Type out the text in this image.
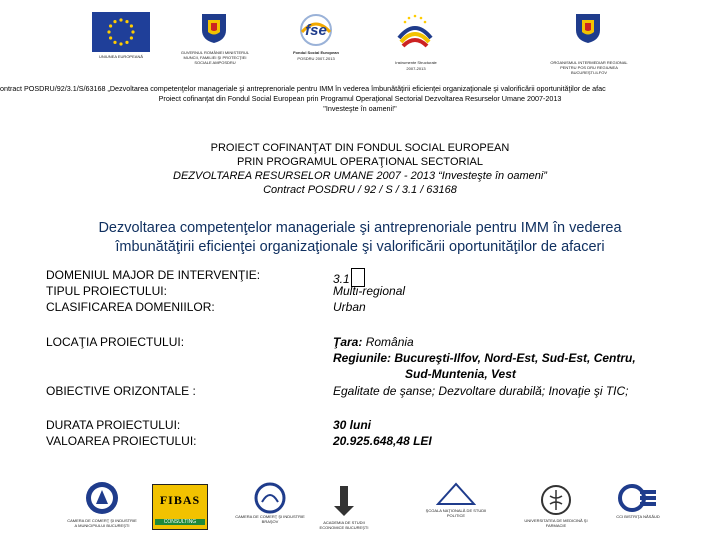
UNIUNEA EUROPEANĂ
GUVERNUL ROMÂNIEI MINISTERUL MUNCII, FAMILIEI ŞI PROTECŢIEI SOCIALE AMPOSDRU
fse
Fondul Social European
POSDRU 2007-2013
Instrumente Structurale
2007-2013
ORGANISMUL INTERMEDIAR REGIONAL PENTRU POS DRU REGIUNEA BUCUREŞTI-ILFOV
ontract POSDRU/92/3.1/S/63168 „Dezvoltarea competenţelor manageriale şi antreprenoriale pentru IMM în vederea îmbunătăţirii eficienţei organizaţionale şi valorificării oportunităţilor de afac
Proiect cofinanţat din Fondul Social European prin Programul Operaţional Sectorial Dezvoltarea Resurselor Umane 2007-2013
"Investeşte în oameni!"
PROIECT COFINANŢAT DIN FONDUL SOCIAL EUROPEAN
PRIN PROGRAMUL OPERAŢIONAL SECTORIAL
DEZVOLTAREA RESURSELOR UMANE 2007 - 2013 “Investeşte în oameni”
Contract POSDRU / 92 / S / 3.1 / 63168
Dezvoltarea competenţelor manageriale şi antreprenoriale pentru IMM în vederea
îmbunătăţirii eficienţei organizaţionale şi valorificării oportunităţilor de afaceri
DOMENIUL MAJOR DE INTERVENŢIE:	3.1
TIPUL PROIECTULUI:	Multi-regional
CLASIFICAREA DOMENIILOR:	Urban
LOCAŢIA PROIECTULUI:	Ţara: România
Regiunile: Bucureşti-Ilfov, Nord-Est, Sud-Est, Centru,
Sud-Muntenia, Vest
OBIECTIVE ORIZONTALE :	Egalitate de şanse; Dezvoltare durabilă; Inovaţie şi TIC;
DURATA PROIECTULUI:	30 luni
VALOAREA PROIECTULUI:	20.925.648,48 LEI
CAMERA DE COMERŢ ŞI INDUSTRIE A MUNICIPIULUI BUCUREŞTI
FIBAS
CONSULTING
CAMERA DE COMERŢ ŞI INDUSTRIE BRAŞOV	ACADEMIA DE STUDII ECONOMICE BUCUREŞTI
ŞCOALA NAŢIONALĂ DE STUDII POLITICE
UNIVERSITATEA DE MEDICINĂ ŞI FARMACIE
CCI BISTRIŢA NĂSĂUD
